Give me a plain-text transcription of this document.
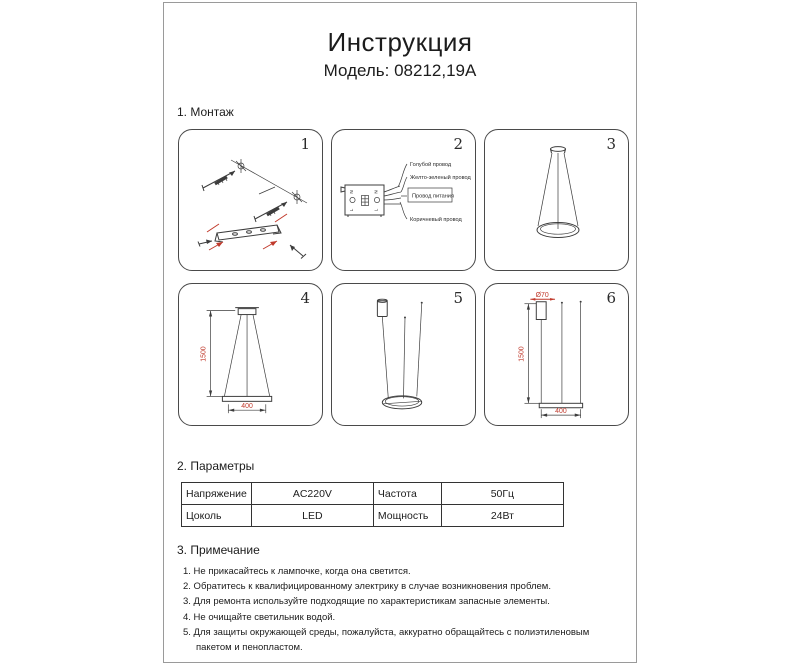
Инструкция
Модель: 08212,19A
1. Монтаж
1	2
N
L
N
L
Голубой провод
Желто-зеленый провод
Провод питания
Коричневый провод
3
4
1500
400
5	6
Ø70
1500
400
2. Параметры
Напряжение	AC220V	Частота	50Гц
Цоколь	LED	Мощность	24Вт
3. Примечание
1. Не прикасайтесь к лампочке, когда она светится.
2. Обратитесь к квалифицированному электрику в случае возникновения проблем.
3. Для ремонта используйте подходящие по характеристикам запасные элементы.
4. Не очищайте светильник водой.
5. Для защиты окружающей среды, пожалуйста, аккуратно обращайтесь с полиэтиленовым пакетом и пенопластом.
